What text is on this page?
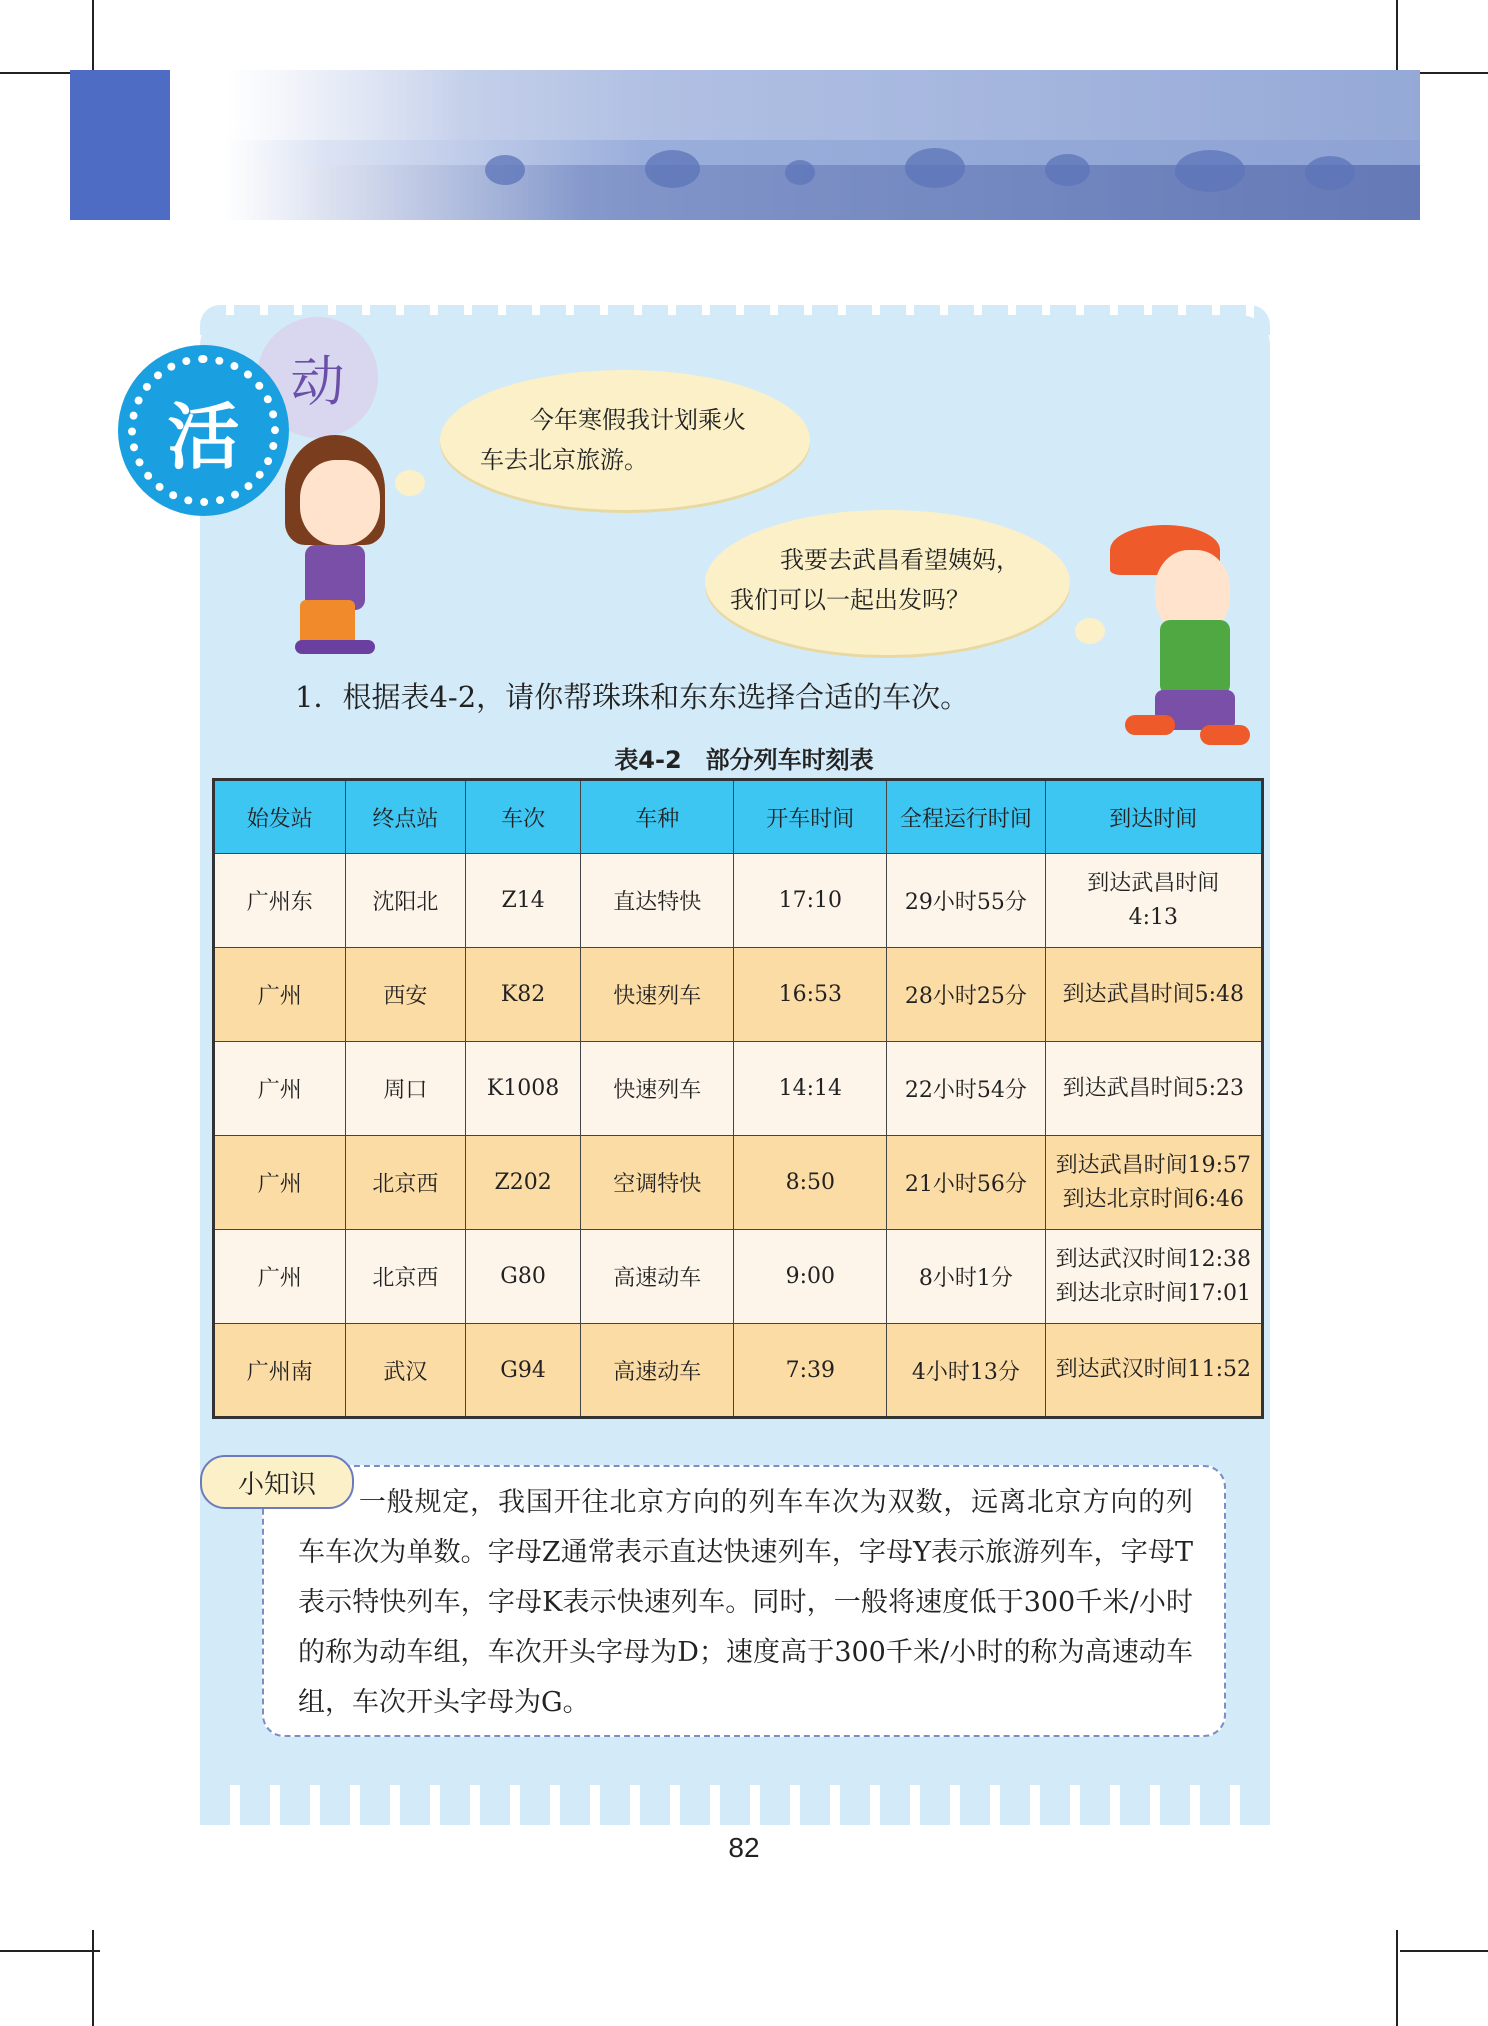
动
活	今年寒假我计划乘火
车去北京旅游。
我要去武昌看望姨妈，
我们可以一起出发吗？
1．根据表4-2，请你帮珠珠和东东选择合适的车次。
表4-2　部分列车时刻表
始发站	终点站	车次	车种	开车时间	全程运行时间	到达时间
广州东	沈阳北	Z14	直达特快	17:10	29小时55分	到达武昌时间
4:13

广州	西安	K82	快速列车	16:53	28小时25分	到达武昌时间5:48

广州	周口	K1008	快速列车	14:14	22小时54分	到达武昌时间5:23

广州	北京西	Z202	空调特快	8:50	21小时56分	到达武昌时间19:57
到达北京时间6:46

广州	北京西	G80	高速动车	9:00	8小时1分	到达武汉时间12:38
到达北京时间17:01

广州南	武汉	G94	高速动车	7:39	4小时13分	到达武汉时间11:52
小知识
一般规定，我国开往北京方向的列车车次为双数，远离北京方向的列车车次为单数。字母Z通常表示直达快速列车，字母Y表示旅游列车，字母T表示特快列车，字母K表示快速列车。同时，一般将速度低于300千米/小时的称为动车组，车次开头字母为D；速度高于300千米/小时的称为高速动车组，车次开头字母为G。
82
